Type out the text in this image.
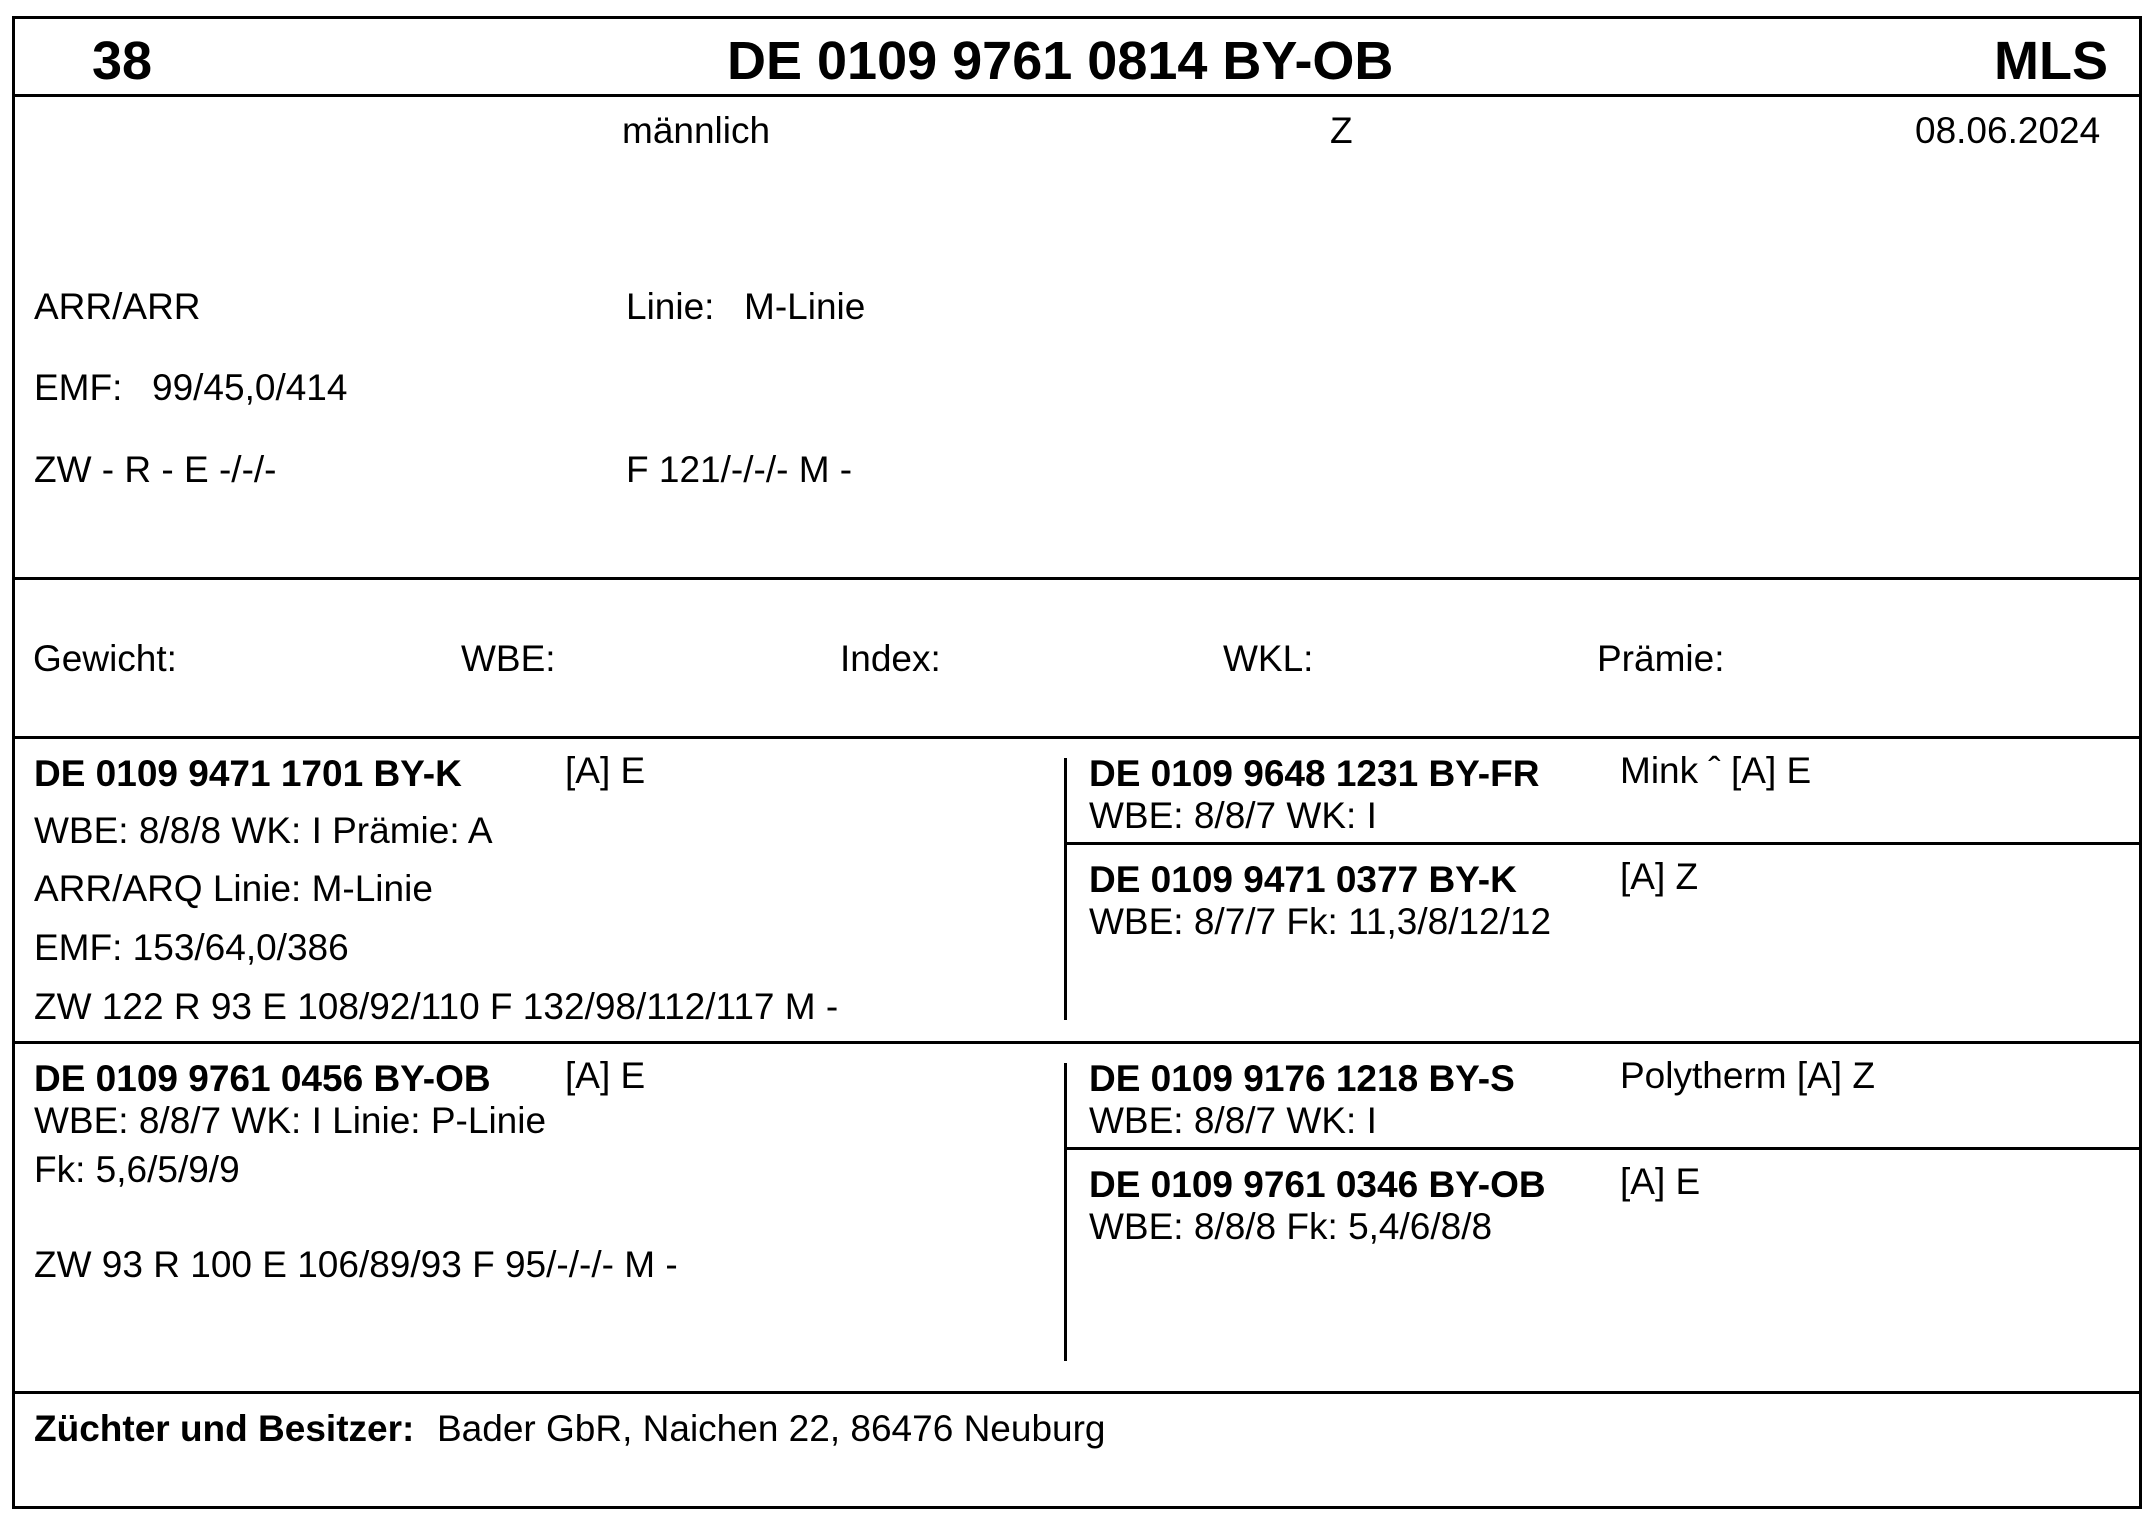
38	DE 0109 9761 0814 BY-OB	MLS
männlich	Z	08.06.2024
ARR/ARR	Linie: M-Linie
EMF: 99/45,0/414
ZW - R - E -/-/-	F 121/-/-/- M -
Gewicht:	WBE:	Index:	WKL:	Prämie:
DE 0109 9471 1701 BY-K	[A] E
WBE: 8/8/8 WK: I Prämie: A
ARR/ARQ Linie: M-Linie
EMF: 153/64,0/386
ZW 122 R 93 E 108/92/110 F 132/98/112/117 M -
DE 0109 9648 1231 BY-FR Mink ˆ [A] E
WBE: 8/8/7 WK: I
DE 0109 9471 0377 BY-K	[A] Z
WBE: 8/7/7 Fk: 11,3/8/12/12
DE 0109 9761 0456 BY-OB [A] E
WBE: 8/8/7 WK: I Linie: P-Linie
Fk: 5,6/5/9/9
ZW 93 R 100 E 106/89/93 F 95/-/-/- M -
DE 0109 9176 1218 BY-S	Polytherm [A] Z
WBE: 8/8/7 WK: I
DE 0109 9761 0346 BY-OB [A] E
WBE: 8/8/8 Fk: 5,4/6/8/8
Züchter und Besitzer: Bader GbR, Naichen 22, 86476 Neuburg
